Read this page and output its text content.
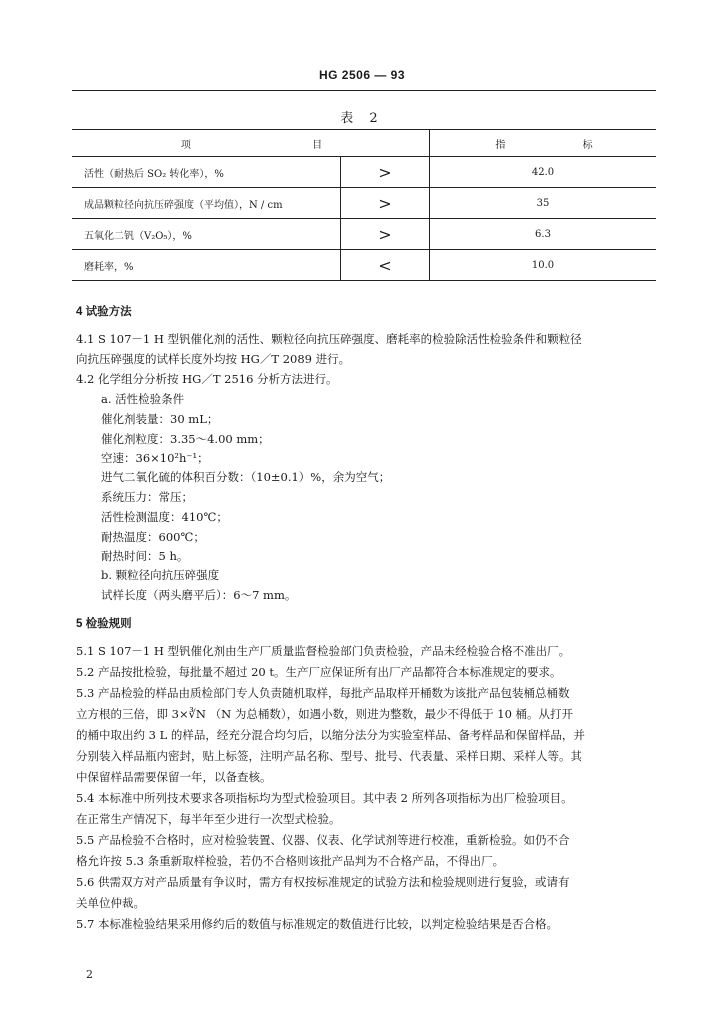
HG 2506 — 93
表 2
项 目		指 标
活性（耐热后 SO₂ 转化率），%	>	42.0
成品颗粒径向抗压碎强度（平均值），N / cm	>	35
五氧化二钒（V₂O₅），%	>	6.3
磨耗率，%	<	10.0
4 试验方法
4.1 S 107－1 H 型钒催化剂的活性、颗粒径向抗压碎强度、磨耗率的检验除活性检验条件和颗粒径
向抗压碎强度的试样长度外均按 HG／T 2089 进行。
4.2 化学组分分析按 HG／T 2516 分析方法进行。
a. 活性检验条件
催化剂装量：30 mL；
催化剂粒度：3.35～4.00 mm；
空速：36×10²h⁻¹；
进气二氧化硫的体积百分数：（10±0.1）%，余为空气；
系统压力：常压；
活性检测温度：410℃；
耐热温度：600℃；
耐热时间：5 h。
b. 颗粒径向抗压碎强度
试样长度（两头磨平后）：6～7 mm。
5 检验规则
5.1 S 107－1 H 型钒催化剂由生产厂质量监督检验部门负责检验，产品未经检验合格不准出厂。
5.2 产品按批检验，每批量不超过 20 t。生产厂应保证所有出厂产品都符合本标准规定的要求。
5.3 产品检验的样品由质检部门专人负责随机取样，每批产品取样开桶数为该批产品包装桶总桶数
立方根的三倍，即 3×∛N （N 为总桶数），如遇小数，则进为整数，最少不得低于 10 桶。从打开
的桶中取出约 3 L 的样品，经充分混合均匀后，以缩分法分为实验室样品、备考样品和保留样品，并
分别装入样品瓶内密封，贴上标签，注明产品名称、型号、批号、代表量、采样日期、采样人等。其
中保留样品需要保留一年，以备查核。
5.4 本标准中所列技术要求各项指标均为型式检验项目。其中表 2 所列各项指标为出厂检验项目。
在正常生产情况下，每半年至少进行一次型式检验。
5.5 产品检验不合格时，应对检验装置、仪器、仪表、化学试剂等进行校准，重新检验。如仍不合
格允许按 5.3 条重新取样检验，若仍不合格则该批产品判为不合格产品，不得出厂。
5.6 供需双方对产品质量有争议时，需方有权按标准规定的试验方法和检验规则进行复验，或请有
关单位仲裁。
5.7 本标准检验结果采用修约后的数值与标准规定的数值进行比较，以判定检验结果是否合格。
2
